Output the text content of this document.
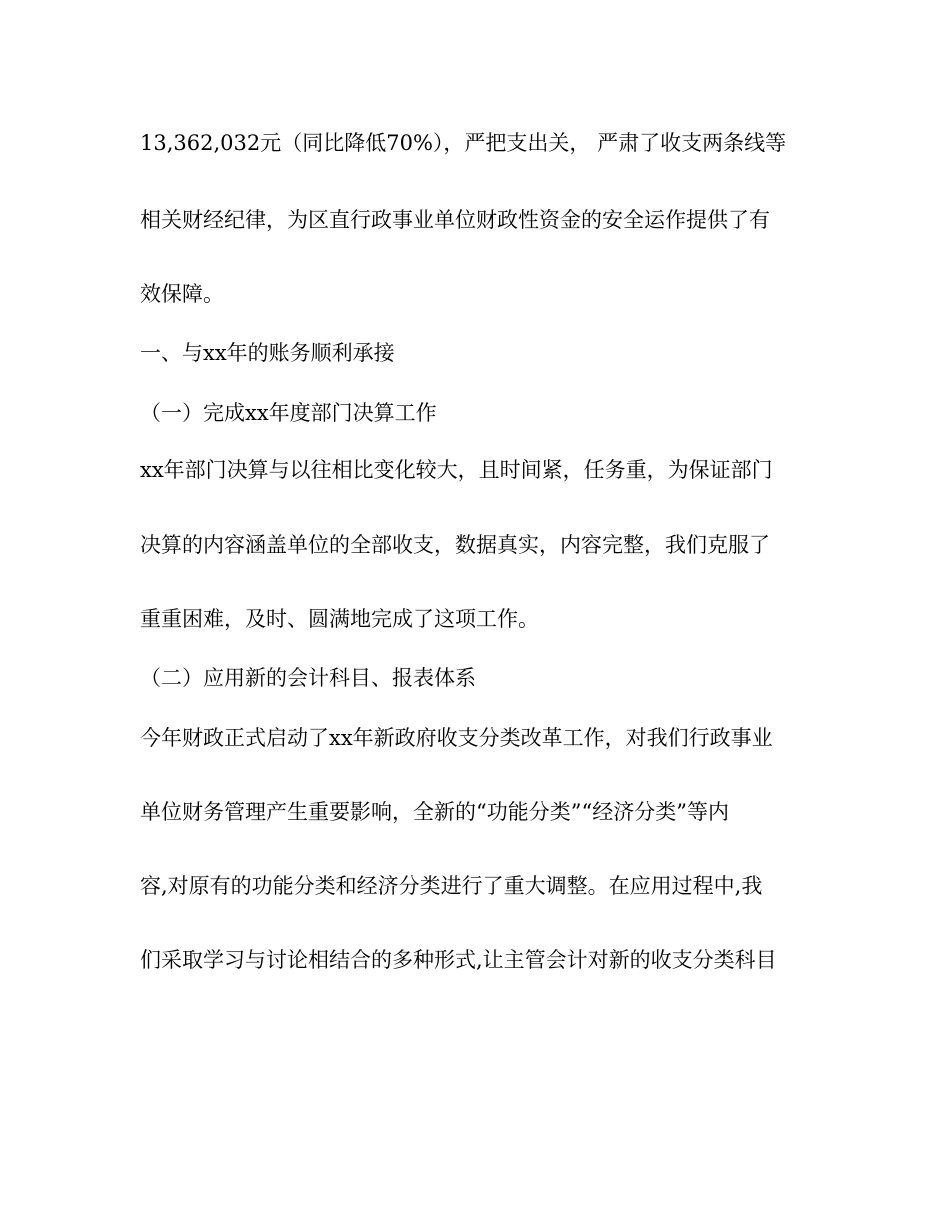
13,362,032元（同比降低70%），严把支出关， 严肃了收支两条线等
相关财经纪律，为区直行政事业单位财政性资金的安全运作提供了有
效保障。
一、与xx年的账务顺利承接
（一）完成xx年度部门决算工作
xx年部门决算与以往相比变化较大，且时间紧，任务重，为保证部门
决算的内容涵盖单位的全部收支，数据真实，内容完整，我们克服了
重重困难，及时、圆满地完成了这项工作。
（二）应用新的会计科目、报表体系
今年财政正式启动了xx年新政府收支分类改革工作，对我们行政事业
单位财务管理产生重要影响，全新的“功能分类”“经济分类”等内
容,对原有的功能分类和经济分类进行了重大调整。在应用过程中,我
们采取学习与讨论相结合的多种形式,让主管会计对新的收支分类科目
